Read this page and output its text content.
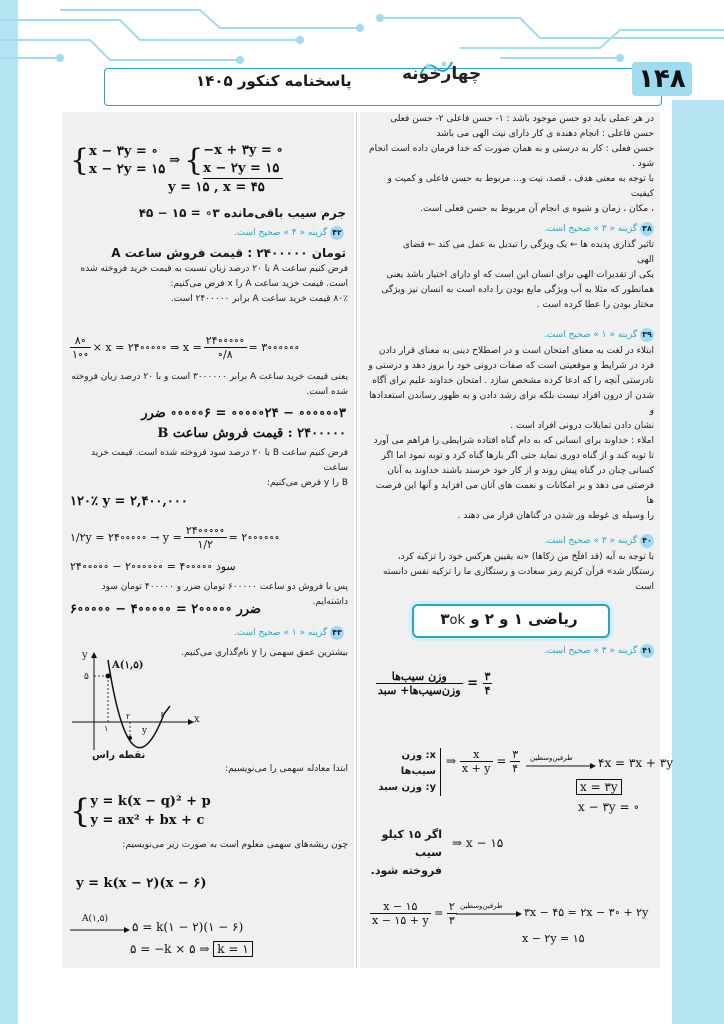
پاسخنامه کنکور ۱۴۰۵	چهارخونه	۱۴۸
در هر عملی باید دو حسن موجود باشد : ۱- حسن فاعلی ۲- حسن فعلی
حسن فاعلی : انجام دهنده ی کار دارای نیت الهی می باشد
حسن فعلی : کار به درستی و به همان صورت که خدا فرمان داده است انجام
شود .
با توجه به معنی هدف ، قصد، نیت و... مربوط به حسن فاعلی و کمیت و کیفیت
، مکان ، زمان و شیوه ی انجام آن مربوط به حسن فعلی است.
۳۸ گزینه « ۳ » صحیح است.
تاثیر گذاری پدیده ها ← یک ویژگی را تبدیل به عمل می کند ← قضای
الهی
یکی از تقدیرات الهی برای انسان این است که او دارای اختیار باشد یعنی
همانطور که مثلا به آب ویژگی مایع بودن را داده است به انسان نیز ویژگی
مختار بودن را عطا کرده است .
۳۹ گزینه « ۱ » صحیح است.
ابتلاء در لغت به معنای امتحان است و در اصطلاح دینی به معنای قرار دادن
فرد در شرایط و موقعیتی است که صفات درونی خود را بروز دهد و درستی و
نادرستی آنچه را که ادعا کرده مشخص سازد . امتحان خداوند علیم برای آگاه
شدن از درون افراد نیست بلکه برای رشد دادن و به ظهور رساندن استعدادها و
نشان دادن تمایلات درونی افراد است .
املاء : خداوند برای انسانی که به دام گناه افتاده شرایطی را فراهم می آورد
تا توبه کند و از گناه دوری نماید حتی اگر بارها گناه کرد و توبه نمود اما اگر
کسانی چنان در گناه پیش روند و از کار خود خرسند باشند خداوند به آنان
فرصتی می دهد و بر امکانات و نعمت های آنان می افزاید و آنها این فرصت ها
را وسیله ی غوطه ور شدن در گناهان قرار می دهند .
۴۰ گزینه « ۳ » صحیح است.
با توجه به آیه (قد افلَحَ من زکاها) «به یقیین هرکس خود را تزکیه کرد،
رستگار شد» قرآن کریم رمز سعادت و رستگاری ما را تزکیه نفس دانسته است
ریاضی ۱ و ۲ و ۳ok
۴۱ گزینه « ۳ » صحیح است.
$\frac{\text{وزن سیب‌ها}}{\text{وزن‌سیب‌ها+ سبد}} = \frac{۳}{۴}$
x: وزن سیب‌ها
y: وزن سبد
⇒ $\frac{x}{x + y} = \frac{۳}{۴}$ طرفین‌وسطین ۴x = ۳x + ۳y
x = ۳y
x − ۳y = ∘
اگر ۱۵ کیلو سیب
فروخته شود.
⇒ x − ۱۵
$\frac{x - ۱۵}{x - ۱۵ + y} = \frac{۲}{۳}$ طرفین‌وسطین ۳x − ۴۵ = ۲x − ۳∘ + ۲y
x − ۲y = ۱۵
{ x − ۳y = ∘
x − ۲y = ۱۵
⇒ { −x + ۳y = ∘
x − ۲y = ۱۵
y = ۱۵ , x = ۴۵
جرم سیب باقی‌مانده ۳∘ = ۱۵ − ۴۵
۴۲ گزینه « ۴ » صحیح است.
تومان ۲۴۰۰۰۰۰ : قیمت فروش ساعت A
فرض کنیم ساعت A با ۲۰ درصد زیان نسبت به قیمت خرید فروخته شده
است. قیمت خرید ساعت A را x فرض می‌کنیم:
۸۰٪ قیمت خرید ساعت A برابر ۲۴۰۰۰۰۰ است.
$\frac{۸\circ}{۱\circ\circ} \times x$ = ۲۴∘∘∘∘∘ ⇒ $x = \frac{۲۴\circ\circ\circ\circ\circ}{\circ/۸}$ = ۳∘∘∘∘∘∘
یعنی قیمت خرید ساعت A برابر ۳۰۰۰۰۰۰ است و با ۲۰ درصد زیان فروخته
شده است.
۳∘∘∘∘∘∘ − ۲۴∘∘∘∘∘ = ۶∘∘∘∘∘ ضرر
۲۴۰۰۰۰۰ : قیمت فروش ساعت B
فرض کنیم ساعت B با ۲۰ درصد سود فروخته شده است. قیمت خرید ساعت
B را y فرض می‌کنیم:
۱۲۰٪ y = ۲,۴۰۰,۰۰۰
۱/۲y = ۲۴∘∘∘∘∘ → $y = \frac{۲۴\circ\circ\circ\circ\circ}{۱/۲}$ = ۲∘∘∘∘∘∘
۲۴∘∘∘∘∘ − ۲∘∘∘∘∘∘ = ۴∘∘∘∘∘ سود
پس با فروش دو ساعت ۶۰۰۰۰۰ تومان ضرر و ۴۰۰۰۰۰ تومان سود داشته‌ایم.
۶∘∘∘∘∘ − ۴∘∘∘∘∘ = ۲∘∘∘∘∘ ضرر
۴۳ گزینه « ۱ » صحیح است.
بیشترین عمق سهمی را y نام‌گذاری می‌کنیم.
y
x
A(۱,۵)
۵
۱
۲	۶
y
نقطه راس
ابتدا معادله سهمی را می‌نویسیم:
{ y = k(x − q)² + p
y = ax² + bx + c
چون ریشه‌های سهمی معلوم است به صورت زیر می‌نویسیم:
y = k(x − ۲)(x − ۶)
A(۱,۵)
۵ = k(۱ − ۲)(۱ − ۶)
۵ = −k × ۵ ⇒ k = ۱
